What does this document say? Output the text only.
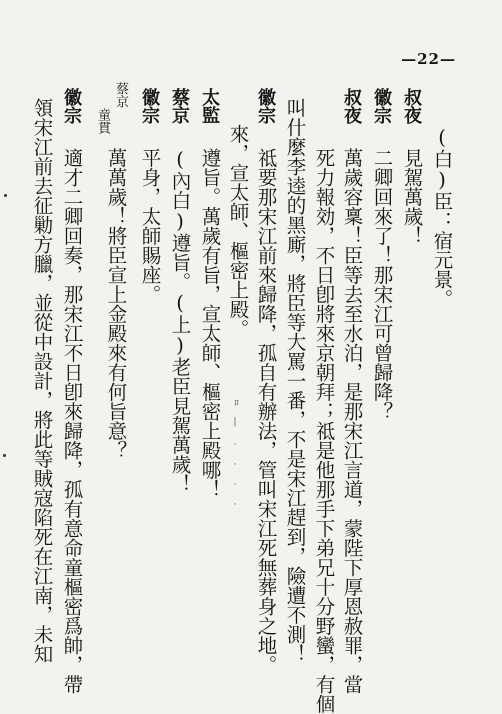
—22—
叔夜
(白)臣：宿元景。
見駕萬歲！
徽宗
二卿回來了！那宋江可曾歸降？
叔夜
萬歲容稟！臣等去至水泊，是那宋江言道，蒙陛下厚恩赦罪，當
死力報効，不日卽將來京朝拜；祗是他那手下弟兄十分野蠻，有個
叫什麼李逵的黑廝，將臣等大罵一番，不是宋江趕到，險遭不測！
徽宗
祗要那宋江前來歸降，孤自有辦法，管叫宋江死無葬身之地。
來，宣太師、樞密上殿。
太監
遵旨。萬歲有旨，宣太師、樞密上殿哪！
蔡京
(內白)遵旨。(上)老臣見駕萬歲！
徽宗
平身，太師賜座。
蔡京
童貫
萬萬歲！將臣宣上金殿來有何旨意？
徽宗
適才二卿回奏，那宋江不日卽來歸降，孤有意命童樞密爲帥，帶
領宋江前去征勦方臘，並從中設計，將此等賊寇陷死在江南，未知	ﾛ |
· · · ·
